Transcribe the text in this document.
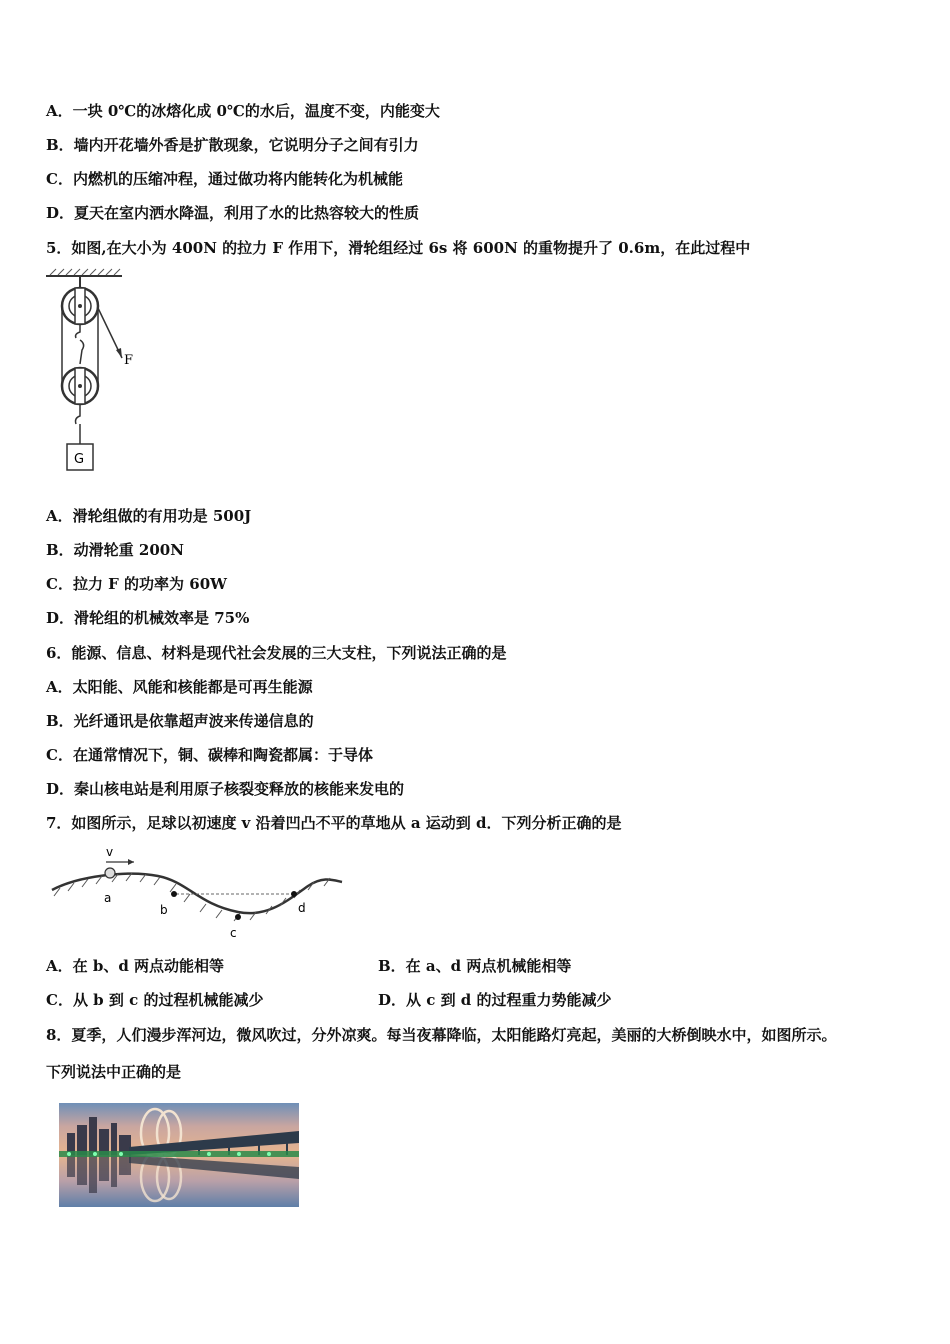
A．一块 0℃的冰熔化成 0℃的水后，温度不变，内能变大
B．墙内开花墙外香是扩散现象，它说明分子之间有引力
C．内燃机的压缩冲程，通过做功将内能转化为机械能
D．夏天在室内洒水降温，利用了水的比热容较大的性质
5．如图,在大小为 400N 的拉力 F 作用下，滑轮组经过 6s 将 600N 的重物提升了 0.6m，在此过程中
F
G
A．滑轮组做的有用功是 500J
B．动滑轮重 200N
C．拉力 F 的功率为 60W
D．滑轮组的机械效率是 75%
6．能源、信息、材料是现代社会发展的三大支柱，下列说法正确的是
A．太阳能、风能和核能都是可再生能源
B．光纤通讯是依靠超声波来传递信息的
C．在通常情况下，铜、碳棒和陶瓷都属：于导体
D．秦山核电站是利用原子核裂变释放的核能来发电的
7．如图所示，足球以初速度 v 沿着凹凸不平的草地从 a 运动到 d．下列分析正确的是
v
a
b
c
d
A．在 b、d 两点动能相等	B．在 a、d 两点机械能相等
C．从 b 到 c 的过程机械能减少	D．从 c 到 d 的过程重力势能减少
8．夏季，人们漫步浑河边，微风吹过，分外凉爽。每当夜幕降临，太阳能路灯亮起，美丽的大桥倒映水中，如图所示。
下列说法中正确的是
